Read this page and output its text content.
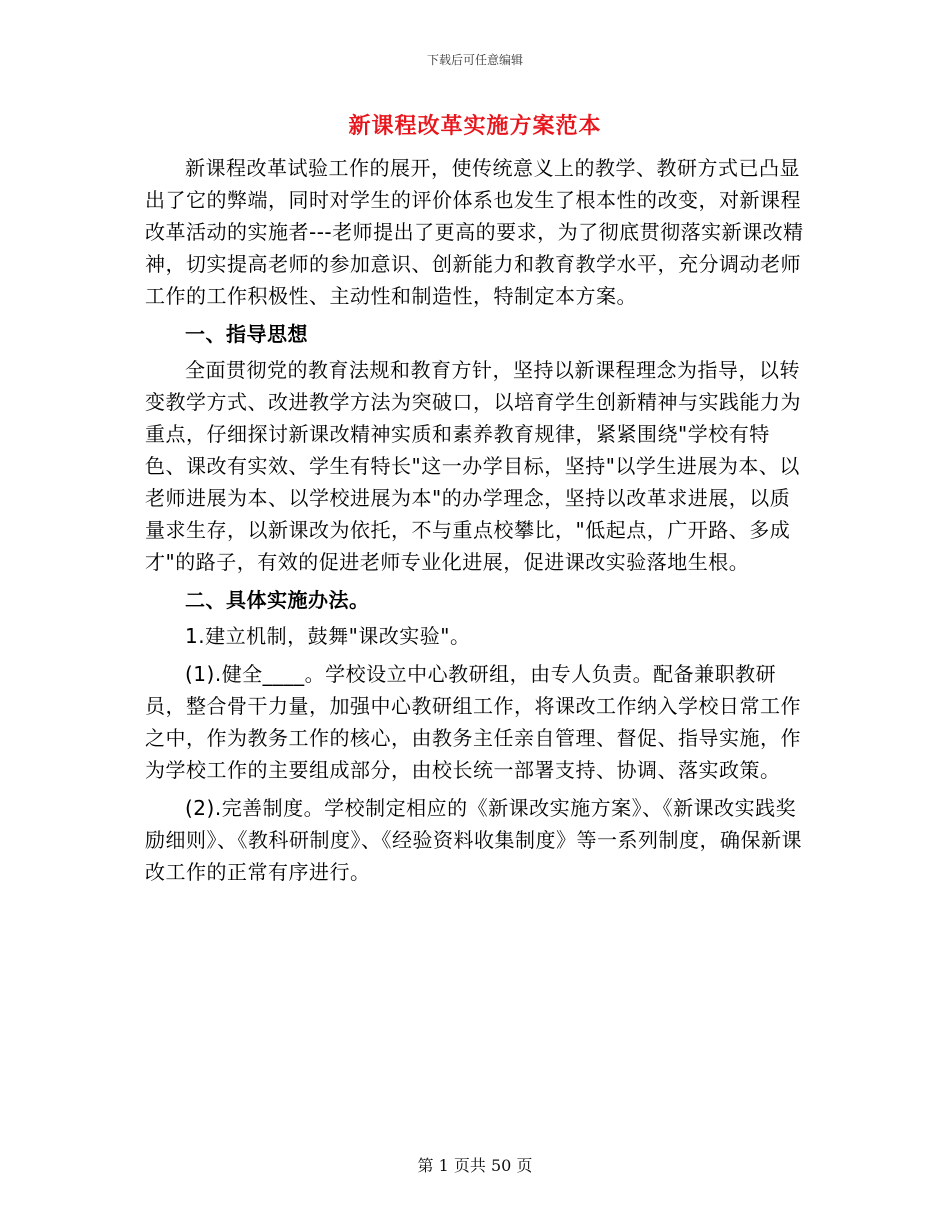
下载后可任意编辑
新课程改革实施方案范本

新课程改革试验工作的展开，使传统意义上的教学、教研方式已凸显出了它的弊端，同时对学生的评价体系也发生了根本性的改变，对新课程改革活动的实施者---老师提出了更高的要求，为了彻底贯彻落实新课改精神，切实提高老师的参加意识、创新能力和教育教学水平，充分调动老师工作的工作积极性、主动性和制造性，特制定本方案。

一、指导思想

全面贯彻党的教育法规和教育方针，坚持以新课程理念为指导，以转变教学方式、改进教学方法为突破口，以培育学生创新精神与实践能力为重点，仔细探讨新课改精神实质和素养教育规律，紧紧围绕"学校有特色、课改有实效、学生有特长"这一办学目标，坚持"以学生进展为本、以老师进展为本、以学校进展为本"的办学理念，坚持以改革求进展，以质量求生存，以新课改为依托，不与重点校攀比，"低起点，广开路、多成才"的路子，有效的促进老师专业化进展，促进课改实验落地生根。

二、具体实施办法。

1.建立机制，鼓舞"课改实验"。

(1).健全____。学校设立中心教研组，由专人负责。配备兼职教研员，整合骨干力量，加强中心教研组工作，将课改工作纳入学校日常工作之中，作为教务工作的核心，由教务主任亲自管理、督促、指导实施，作为学校工作的主要组成部分，由校长统一部署支持、协调、落实政策。

(2).完善制度。学校制定相应的《新课改实施方案》、《新课改实践奖励细则》、《教科研制度》、《经验资料收集制度》等一系列制度，确保新课改工作的正常有序进行。

第 1 页共 50 页
